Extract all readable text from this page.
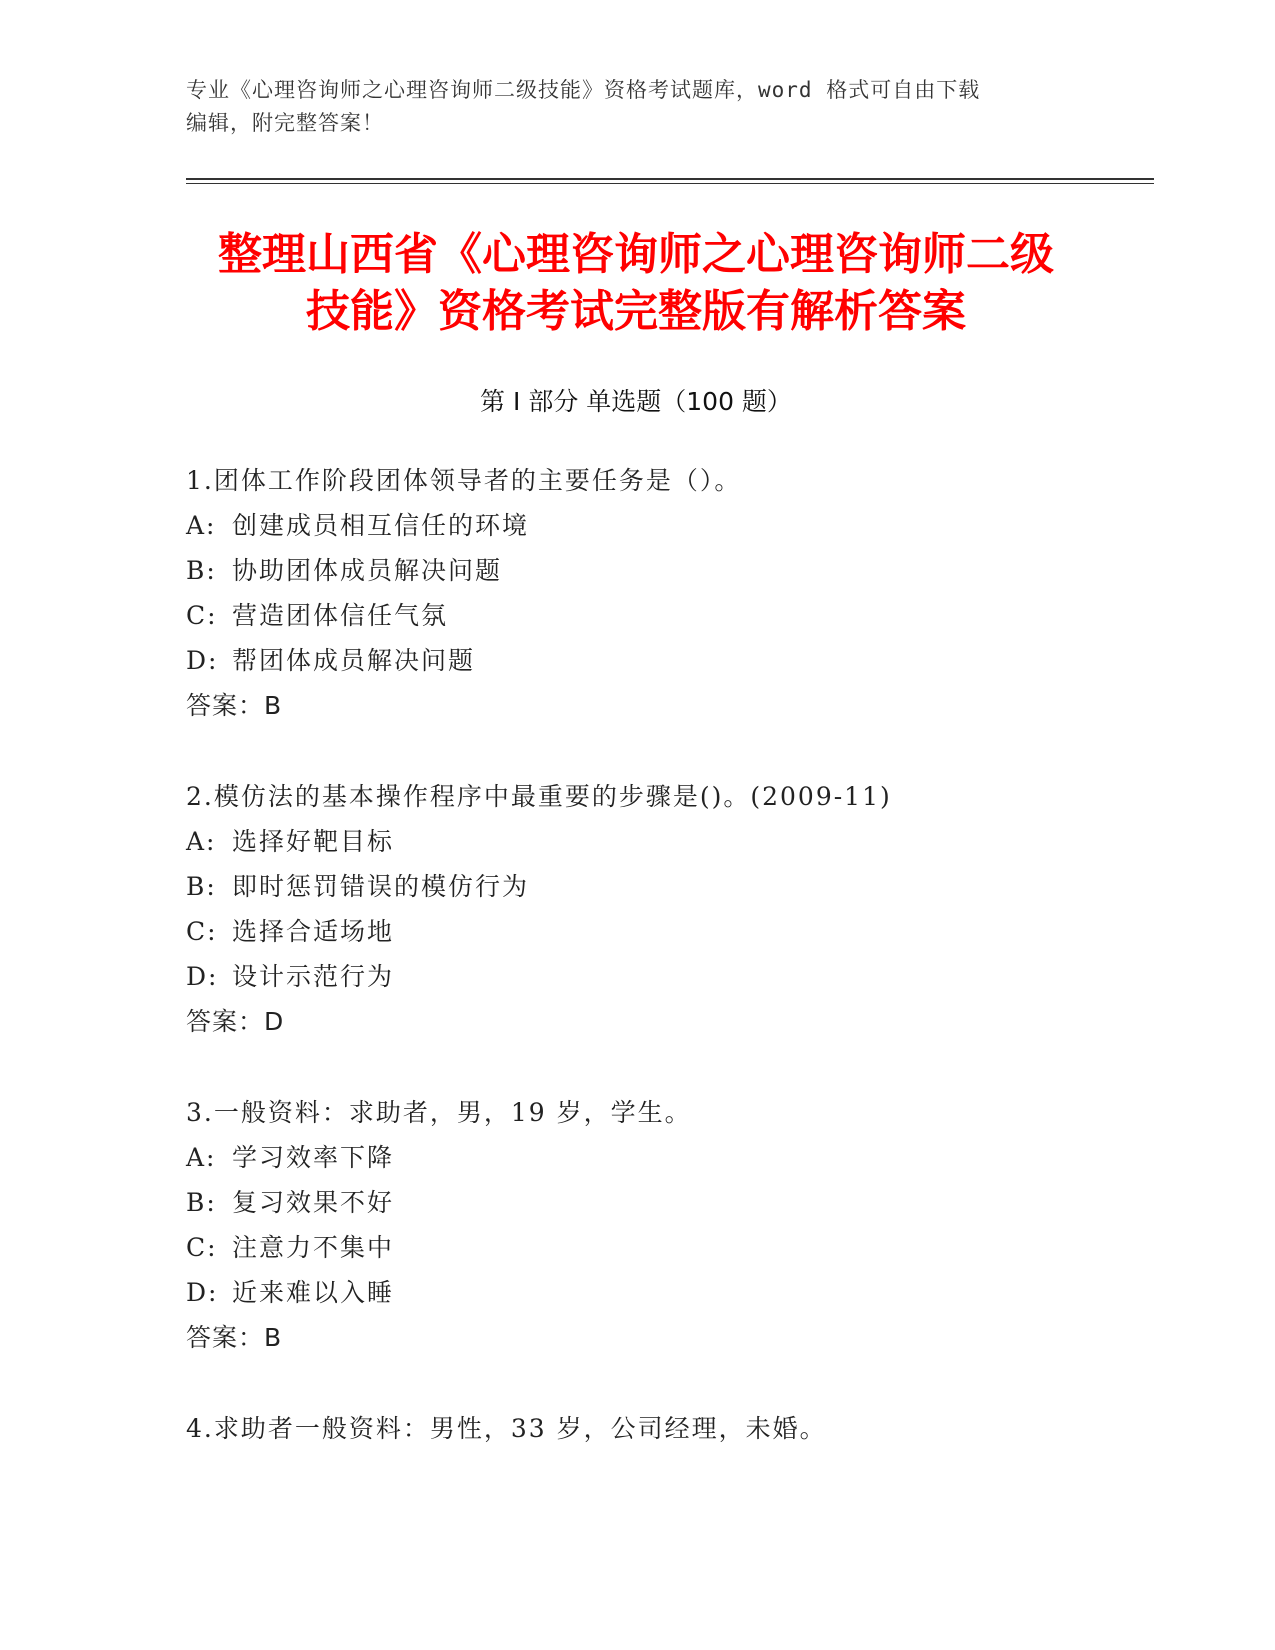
专业《心理咨询师之心理咨询师二级技能》资格考试题库，word 格式可自由下载
编辑，附完整答案！
整理山西省《心理咨询师之心理咨询师二级
技能》资格考试完整版有解析答案
第 I 部分 单选题（100 题）
1.团体工作阶段团体领导者的主要任务是（）。
A: 创建成员相互信任的环境
B: 协助团体成员解决问题
C: 营造团体信任气氛
D: 帮团体成员解决问题
答案：B
2.模仿法的基本操作程序中最重要的步骤是()。(2009-11)
A: 选择好靶目标
B: 即时惩罚错误的模仿行为
C: 选择合适场地
D: 设计示范行为
答案：D
3.一般资料：求助者，男，19 岁，学生。
A: 学习效率下降
B: 复习效果不好
C: 注意力不集中
D: 近来难以入睡
答案：B
4.求助者一般资料：男性，33 岁，公司经理，未婚。
